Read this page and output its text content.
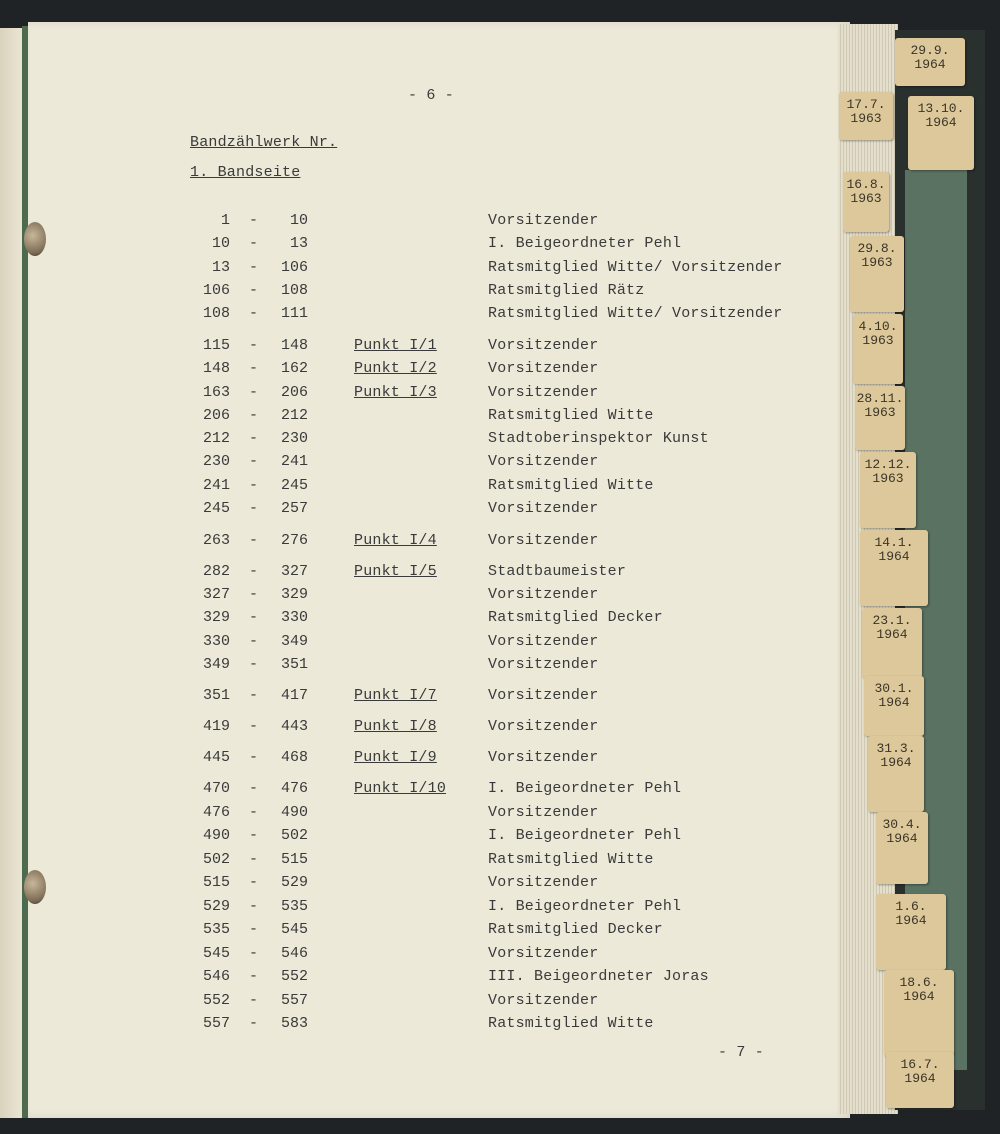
- 6 -
Bandzählwerk Nr.
1. Bandseite
1 -	10	Vorsitzender
10 -	13	I. Beigeordneter Pehl
13 -	106	Ratsmitglied Witte/ Vorsitzender
106 -	108	Ratsmitglied Rätz
108 -	111	Ratsmitglied Witte/ Vorsitzender
115 -	148	Punkt I/1	Vorsitzender
148 -	162	Punkt I/2	Vorsitzender
163 -	206	Punkt I/3	Vorsitzender
206 -	212	Ratsmitglied Witte
212 -	230	Stadtoberinspektor Kunst
230 -	241	Vorsitzender
241 -	245	Ratsmitglied Witte
245 -	257	Vorsitzender
263 -	276	Punkt I/4	Vorsitzender
282 -	327	Punkt I/5	Stadtbaumeister
327 -	329	Vorsitzender
329 -	330	Ratsmitglied Decker
330 -	349	Vorsitzender
349 -	351	Vorsitzender
351 -	417	Punkt I/7	Vorsitzender
419 -	443	Punkt I/8	Vorsitzender
445 -	468	Punkt I/9	Vorsitzender
470 -	476	Punkt I/10	I. Beigeordneter Pehl
476 -	490	Vorsitzender
490 -	502	I. Beigeordneter Pehl
502 -	515	Ratsmitglied Witte
515 -	529	Vorsitzender
529 -	535	I. Beigeordneter Pehl
535 -	545	Ratsmitglied Decker
545 -	546	Vorsitzender
546 -	552	III. Beigeordneter Joras
552 -	557	Vorsitzender
557 -	583	Ratsmitglied Witte
- 7 -
29.9.
1964
17.7.
1963
13.10.
1964
16.8.
1963
29.8.
1963
4.10.
1963
28.11.
1963
12.12.
1963
14.1.
1964
23.1.
1964
30.1.
1964
31.3.
1964
30.4.
1964
1.6.
1964
18.6.
1964
16.7.
1964
